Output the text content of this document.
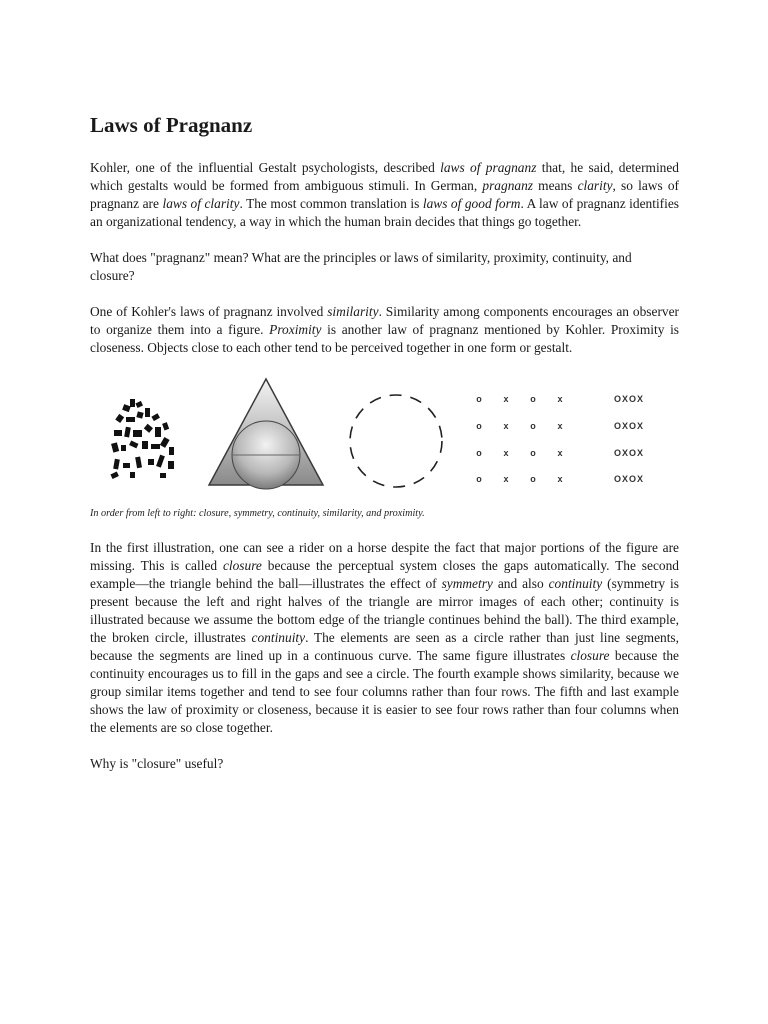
Laws of Pragnanz

Kohler, one of the influential Gestalt psychologists, described laws of pragnanz that, he said, determined which gestalts would be formed from ambiguous stimuli. In German, pragnanz means clarity, so laws of pragnanz are laws of clarity. The most common translation is laws of good form. A law of pragnanz identifies an organizational tendency, a way in which the human brain decides that things go together.

What does "pragnanz" mean? What are the principles or laws of similarity, proximity, continuity, and closure?

One of Kohler's laws of pragnanz involved similarity. Similarity among components encourages an observer to organize them into a figure. Proximity is another law of pragnanz mentioned by Kohler. Proximity is closeness. Objects close to each other tend to be perceived together in one form or gestalt.

o x o x
o x o x
o x o x
o x o x
OXOX
OXOX
OXOX
OXOX

In order from left to right: closure, symmetry, continuity, similarity, and proximity.

In the first illustration, one can see a rider on a horse despite the fact that major portions of the figure are missing. This is called closure because the perceptual system closes the gaps automatically. The second example—the triangle behind the ball—illustrates the effect of symmetry and also continuity (symmetry is present because the left and right halves of the triangle are mirror images of each other; continuity is illustrated because we assume the bottom edge of the triangle continues behind the ball). The third example, the broken circle, illustrates continuity. The elements are seen as a circle rather than just line segments, because the segments are lined up in a continuous curve. The same figure illustrates closure because the continuity encourages us to fill in the gaps and see a circle. The fourth example shows similarity, because we group similar items together and tend to see four columns rather than four rows. The fifth and last example shows the law of proximity or closeness, because it is easier to see four rows rather than four columns when the elements are so close together.

Why is "closure" useful?
